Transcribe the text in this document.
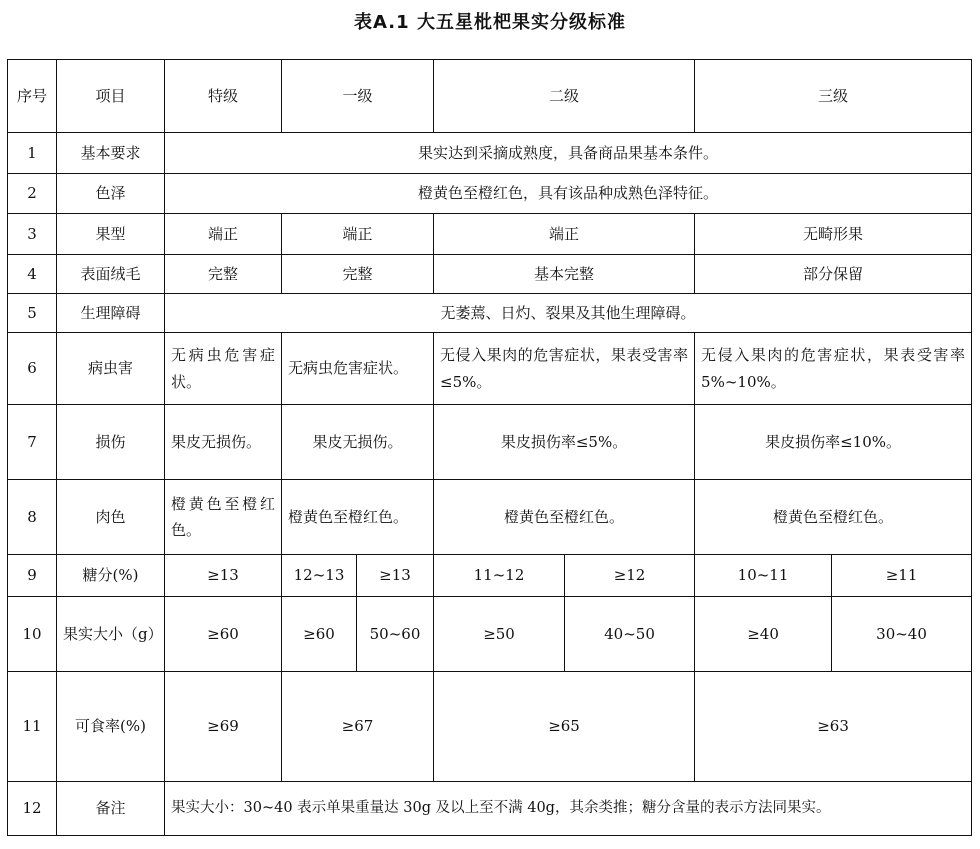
表A.1 大五星枇杷果实分级标准
序号	项目	特级	一级		二级		三级	
1	基本要求	果实达到采摘成熟度，具备商品果基本条件。						
2	色泽	橙黄色至橙红色，具有该品种成熟色泽特征。						
3	果型	端正	端正		端正		无畸形果	
4	表面绒毛	完整	完整		基本完整		部分保留	
5	生理障碍	无萎蔫、日灼、裂果及其他生理障碍。						
6	病虫害	无病虫危害症状。	无病虫危害症状。		无侵入果肉的危害症状，果表受害率≤5%。		无侵入果肉的危害症状，果表受害率 5%~10%。	
7	损伤	果皮无损伤。	果皮无损伤。		果皮损伤率≤5%。		果皮损伤率≤10%。	
8	肉色	橙黄色至橙红色。	橙黄色至橙红色。		橙黄色至橙红色。		橙黄色至橙红色。	
9	糖分(%)	≥13	12~13	≥13	11~12	≥12	10~11	≥11
10	果实大小（g）	≥60	≥60	50~60	≥50	40~50	≥40	30~40
11	可食率(%)	≥69	≥67		≥65		≥63	
12	备注	果实大小：30~40 表示单果重量达 30g 及以上至不满 40g，其余类推；糖分含量的表示方法同果实。						
